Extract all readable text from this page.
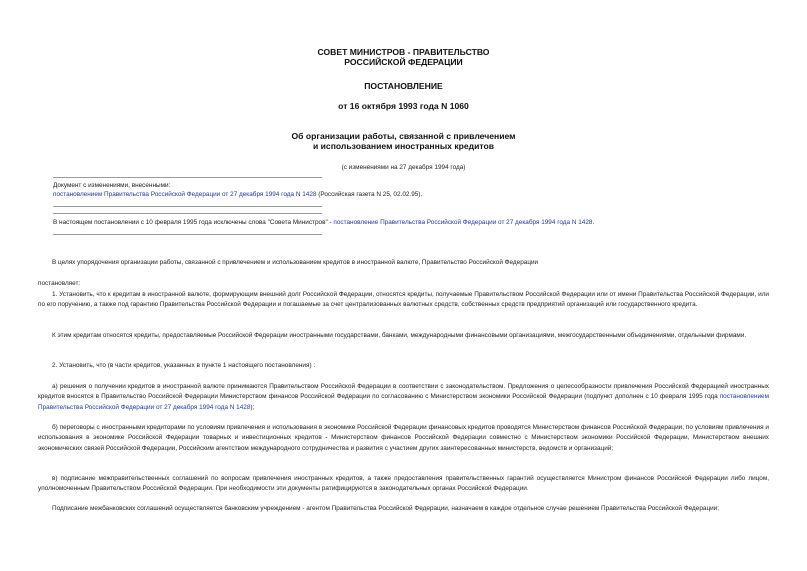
СОВЕТ МИНИСТРОВ - ПРАВИТЕЛЬСТВО
РОССИЙСКОЙ ФЕДЕРАЦИИ
ПОСТАНОВЛЕНИЕ
от 16 октября 1993 года N 1060
Об организации работы, связанной с привлечением
и использованием иностранных кредитов
(с изменениями на 27 декабря 1994 года)
Документ с изменениями, внесенными:
постановлением Правительства Российской Федерации от 27 декабря 1994 года N 1428 (Российская газета N 25, 02.02.95).
В настоящем постановлении с 10 февраля 1995 года исключены слова "Совета Министров" - постановление Правительства Российской Федерации от 27 декабря 1994 года N 1428.
В целях упорядочения организации работы, связанной с привлечением и использованием кредитов в иностранной валюте, Правительство Российской Федерации
постановляет:
1. Установить, что к кредитам в иностранной валюте, формирующим внешний долг Российской Федерации, относятся кредиты, получаемые Правительством Российской Федерации или от имени Правительства Российской Федерации, или по его поручению, а также под гарантию Правительства Российской Федерации и погашаемые за счет централизованных валютных средств, собственных средств предприятий организаций или государственного кредита.
К этим кредитам относятся кредиты, предоставляемые Российской Федерации иностранными государствами, банками, международными финансовыми организациями, межгосударственными объединениями, отдельными фирмами.
2. Установить, что (в части кредитов, указанных в пункте 1 настоящего постановления) :
а) решения о получении кредитов в иностранной валюте принимаются Правительством Российской Федерации в соответствии с законодательством. Предложения о целесообразности привлечения Российской Федерацией иностранных кредитов вносятся в Правительство Российской Федерации Министерством финансов Российской Федерации по согласованию с Министерством экономики Российской Федерации (подпункт дополнен с 10 февраля 1995 года постановлением Правительства Российской Федерации от 27 декабря 1994 года N 1428);
б) переговоры с иностранными кредиторами по условиям привлечения и использования в экономике Российской Федерации финансовых кредитов проводятся Министерством финансов Российской Федерации, по условиям привлечения и использования в экономике Российской Федерации товарных и инвестиционных кредитов - Министерством финансов Российской Федерации совместно с Министерством экономики Российской Федерации, Министерством внешних экономических связей Российской Федерации, Российским агентством международного сотрудничества и развития с участием других заинтересованных министерств, ведомств и организаций;
в) подписание межправительственных соглашений по вопросам привлечения иностранных кредитов, а также предоставления правительственных гарантий осуществляется Министром финансов Российской Федерации либо лицом, уполномоченным Правительством Российской Федерации. При необходимости эти документы ратифицируются в законодательных органах Российской Федерации.
Подписание межбанковских соглашений осуществляется банковским учреждением - агентом Правительства Российской Федерации, назначаем в каждое отдельное случае решением Правительства Российской Федерации;
